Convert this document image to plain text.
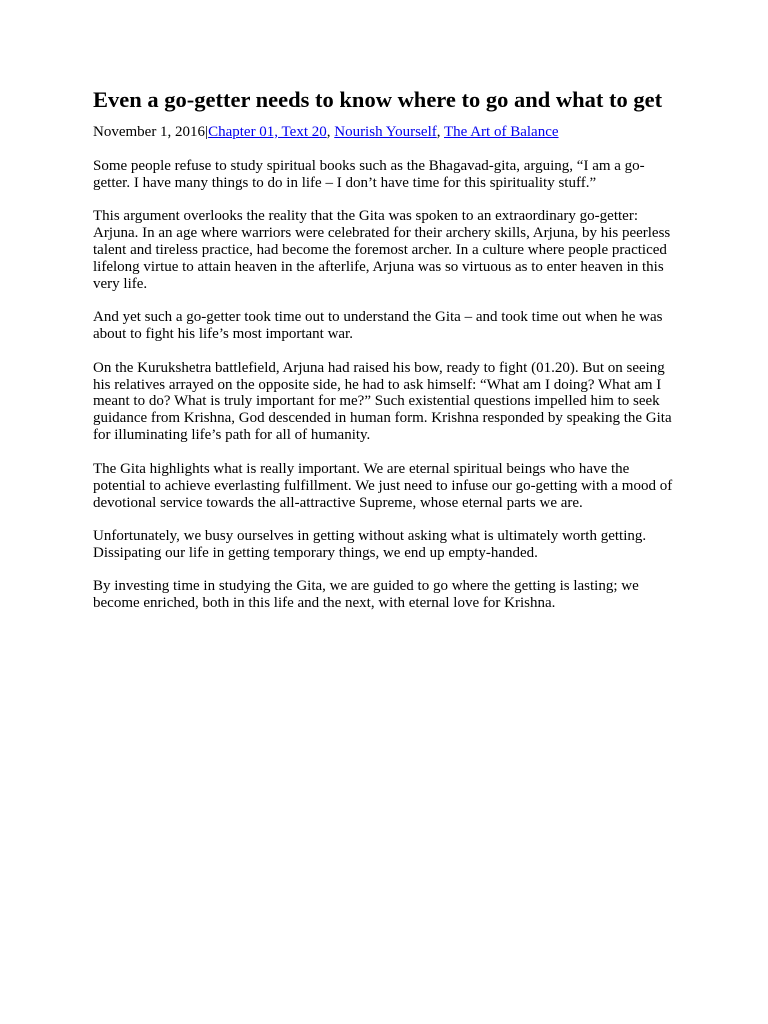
Even a go-getter needs to know where to go and what to get
November 1, 2016|Chapter 01, Text 20, Nourish Yourself, The Art of Balance

Some people refuse to study spiritual books such as the Bhagavad-gita, arguing, “I am a go-getter. I have many things to do in life – I don’t have time for this spirituality stuff.”

This argument overlooks the reality that the Gita was spoken to an extraordinary go-getter: Arjuna. In an age where warriors were celebrated for their archery skills, Arjuna, by his peerless talent and tireless practice, had become the foremost archer. In a culture where people practiced lifelong virtue to attain heaven in the afterlife, Arjuna was so virtuous as to enter heaven in this very life.

And yet such a go-getter took time out to understand the Gita – and took time out when he was about to fight his life’s most important war.

On the Kurukshetra battlefield, Arjuna had raised his bow, ready to fight (01.20). But on seeing his relatives arrayed on the opposite side, he had to ask himself: “What am I doing? What am I meant to do? What is truly important for me?” Such existential questions impelled him to seek guidance from Krishna, God descended in human form. Krishna responded by speaking the Gita for illuminating life’s path for all of humanity.

The Gita highlights what is really important. We are eternal spiritual beings who have the potential to achieve everlasting fulfillment. We just need to infuse our go-getting with a mood of devotional service towards the all-attractive Supreme, whose eternal parts we are.

Unfortunately, we busy ourselves in getting without asking what is ultimately worth getting. Dissipating our life in getting temporary things, we end up empty-handed.

By investing time in studying the Gita, we are guided to go where the getting is lasting; we become enriched, both in this life and the next, with eternal love for Krishna.
